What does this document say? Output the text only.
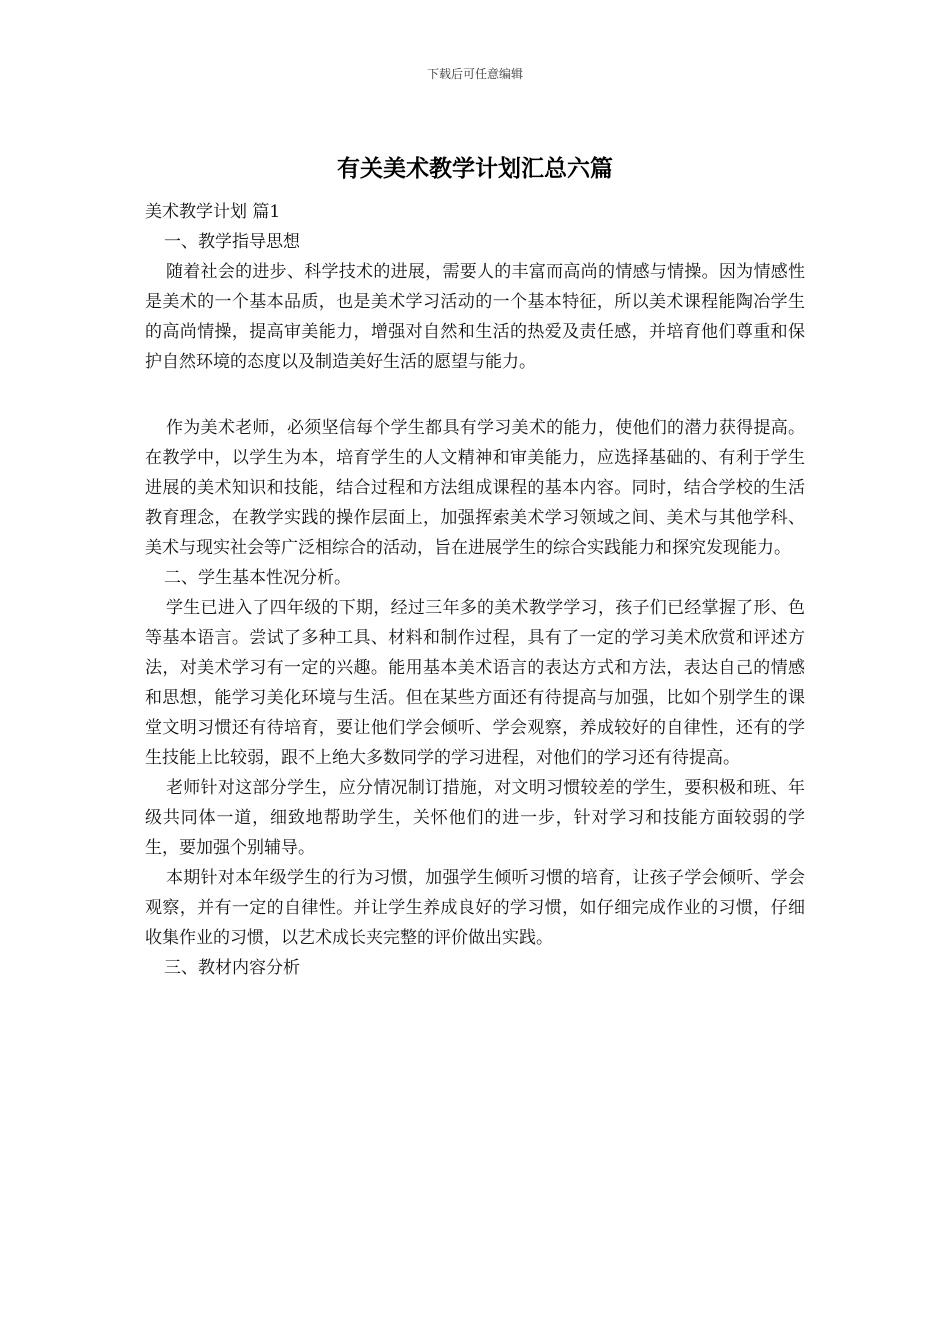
下载后可任意编辑
有关美术教学计划汇总六篇

美术教学计划 篇1

一、教学指导思想

随着社会的进步、科学技术的进展，需要人的丰富而高尚的情感与情操。因为情感性是美术的一个基本品质，也是美术学习活动的一个基本特征，所以美术课程能陶冶学生的高尚情操，提高审美能力，增强对自然和生活的热爱及责任感，并培育他们尊重和保护自然环境的态度以及制造美好生活的愿望与能力。

作为美术老师，必须坚信每个学生都具有学习美术的能力，使他们的潜力获得提高。在教学中，以学生为本，培育学生的人文精神和审美能力，应选择基础的、有利于学生进展的美术知识和技能，结合过程和方法组成课程的基本内容。同时，结合学校的生活教育理念，在教学实践的操作层面上，加强挥索美术学习领域之间、美术与其他学科、美术与现实社会等广泛相综合的活动，旨在进展学生的综合实践能力和探究发现能力。

二、学生基本性况分析。

学生已进入了四年级的下期，经过三年多的美术教学学习，孩子们已经掌握了形、色等基本语言。尝试了多种工具、材料和制作过程，具有了一定的学习美术欣赏和评述方法，对美术学习有一定的兴趣。能用基本美术语言的表达方式和方法，表达自己的情感和思想，能学习美化环境与生活。但在某些方面还有待提高与加强，比如个别学生的课堂文明习惯还有待培育，要让他们学会倾听、学会观察，养成较好的自律性，还有的学生技能上比较弱，跟不上绝大多数同学的学习进程，对他们的学习还有待提高。

老师针对这部分学生，应分情况制订措施，对文明习惯较差的学生，要积极和班、年级共同体一道，细致地帮助学生，关怀他们的进一步，针对学习和技能方面较弱的学生，要加强个别辅导。

本期针对本年级学生的行为习惯，加强学生倾听习惯的培育，让孩子学会倾听、学会观察，并有一定的自律性。并让学生养成良好的学习惯，如仔细完成作业的习惯，仔细收集作业的习惯，以艺术成长夹完整的评价做出实践。

三、教材内容分析
